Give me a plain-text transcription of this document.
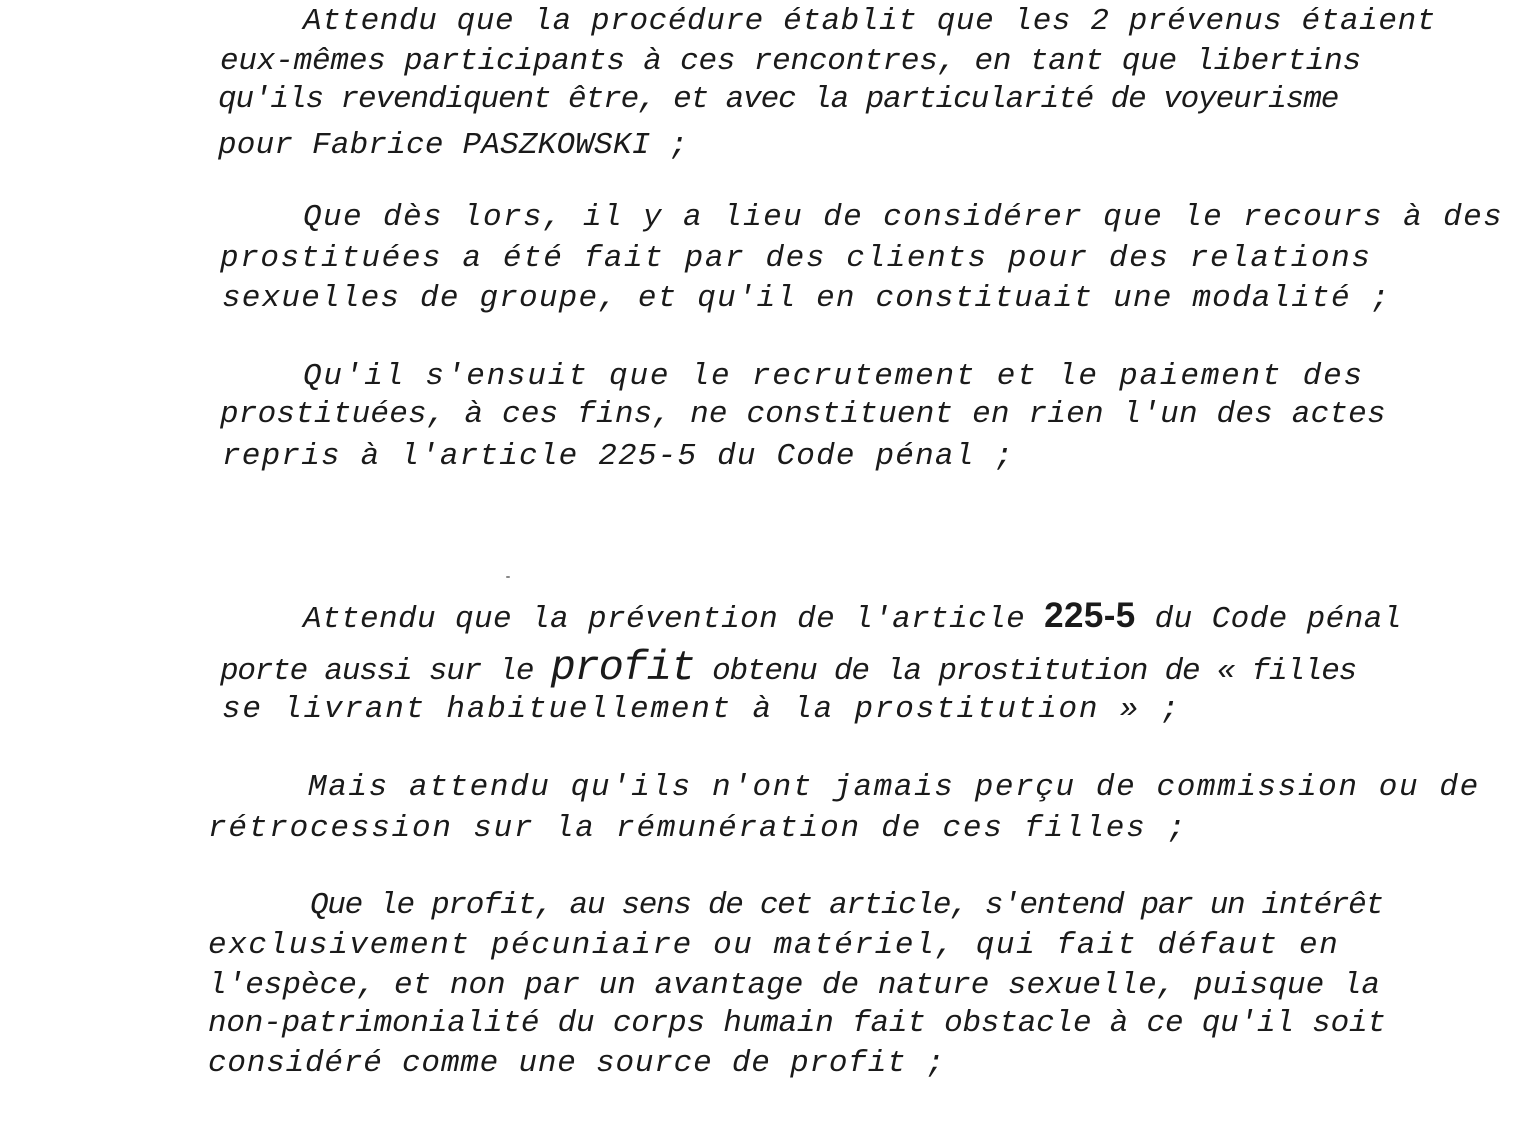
Attendu que la procédure établit que les 2 prévenus étaient
eux-mêmes participants à ces rencontres, en tant que libertins
qu'ils revendiquent être, et avec la particularité de voyeurisme
pour Fabrice PASZKOWSKI ;
Que dès lors, il y a lieu de considérer que le recours à des
prostituées a été fait par des clients pour des relations
sexuelles de groupe, et qu'il en constituait une modalité ;
Qu'il s'ensuit que le recrutement et le paiement des
prostituées, à ces fins, ne constituent en rien l'un des actes
repris à l'article 225-5 du Code pénal ;
Attendu que la prévention de l'article 225-5 du Code pénal
porte aussi sur le profit obtenu de la prostitution de « filles
se livrant habituellement à la prostitution » ;
Mais attendu qu'ils n'ont jamais perçu de commission ou de
rétrocession sur la rémunération de ces filles ;
Que le profit, au sens de cet article, s'entend par un intérêt
exclusivement pécuniaire ou matériel, qui fait défaut en
l'espèce, et non par un avantage de nature sexuelle, puisque la
non-patrimonialité du corps humain fait obstacle à ce qu'il soit
considéré comme une source de profit ;
